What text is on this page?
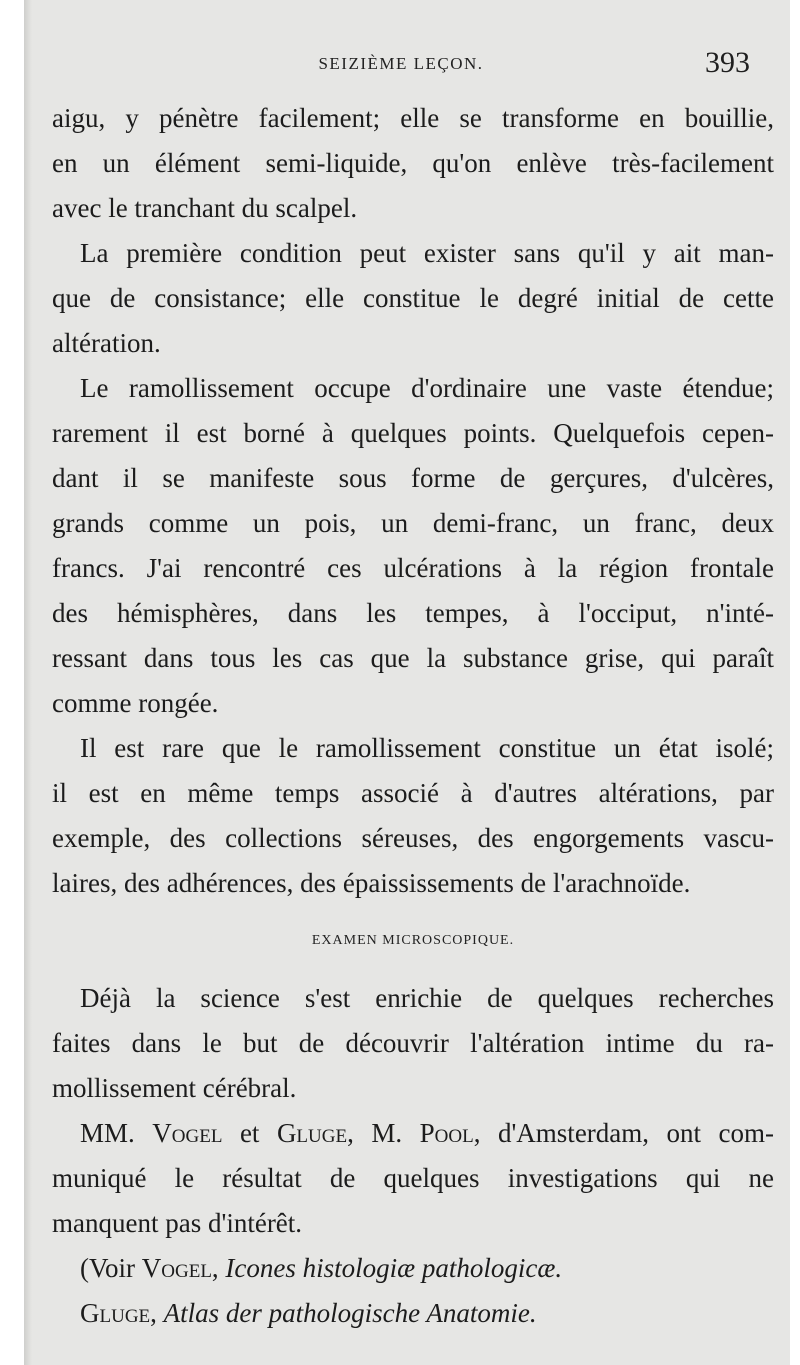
SEIZIÈME LEÇON.	393
aigu, y pénètre facilement; elle se transforme en bouillie,
en un élément semi-liquide, qu'on enlève très-facilement
avec le tranchant du scalpel.
La première condition peut exister sans qu'il y ait man-
que de consistance; elle constitue le degré initial de cette
altération.
Le ramollissement occupe d'ordinaire une vaste étendue;
rarement il est borné à quelques points. Quelquefois cepen-
dant il se manifeste sous forme de gerçures, d'ulcères,
grands comme un pois, un demi-franc, un franc, deux
francs. J'ai rencontré ces ulcérations à la région frontale
des hémisphères, dans les tempes, à l'occiput, n'inté-
ressant dans tous les cas que la substance grise, qui paraît
comme rongée.
Il est rare que le ramollissement constitue un état isolé;
il est en même temps associé à d'autres altérations, par
exemple, des collections séreuses, des engorgements vascu-
laires, des adhérences, des épaississements de l'arachnoïde.
EXAMEN MICROSCOPIQUE.
Déjà la science s'est enrichie de quelques recherches
faites dans le but de découvrir l'altération intime du ra-
mollissement cérébral.
MM. Vogel et Gluge, M. Pool, d'Amsterdam, ont com-
muniqué le résultat de quelques investigations qui ne
manquent pas d'intérêt.
(Voir Vogel, Icones histologiæ pathologicæ.
Gluge, Atlas der pathologische Anatomie.
